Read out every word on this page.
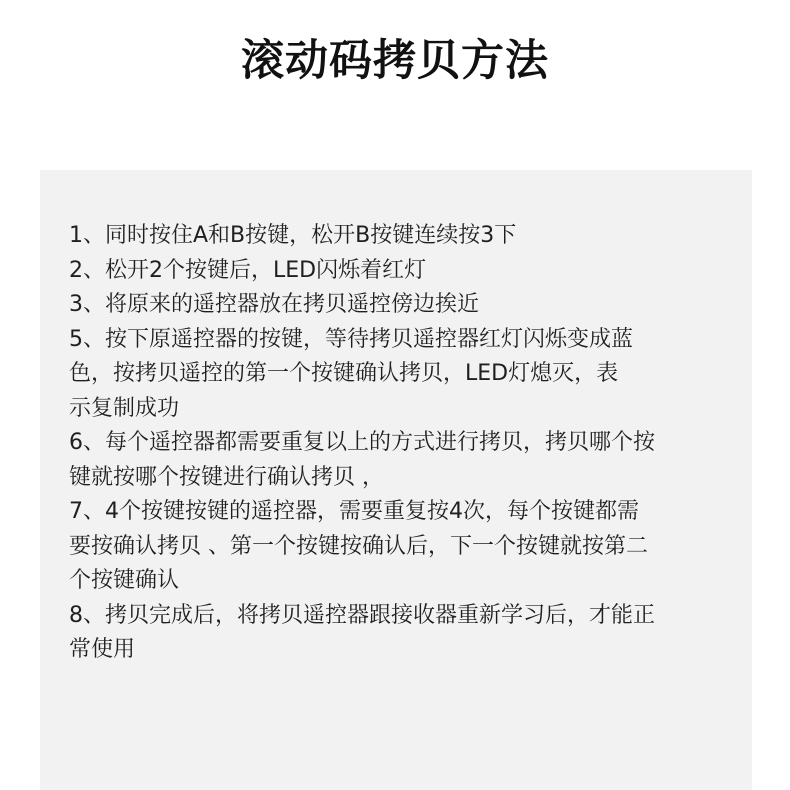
滚动码拷贝方法
1、同时按住A和B按键，松开B按键连续按3下
2、松开2个按键后，LED闪烁着红灯
3、将原来的遥控器放在拷贝遥控傍边挨近
5、按下原遥控器的按键，等待拷贝遥控器红灯闪烁变成蓝
色，按拷贝遥控的第一个按键确认拷贝，LED灯熄灭，表
示复制成功
6、每个遥控器都需要重复以上的方式进行拷贝，拷贝哪个按
键就按哪个按键进行确认拷贝 ，
7、4个按键按键的遥控器，需要重复按4次，每个按键都需
要按确认拷贝 、第一个按键按确认后，下一个按键就按第二
个按键确认
8、拷贝完成后，将拷贝遥控器跟接收器重新学习后，才能正
常使用
